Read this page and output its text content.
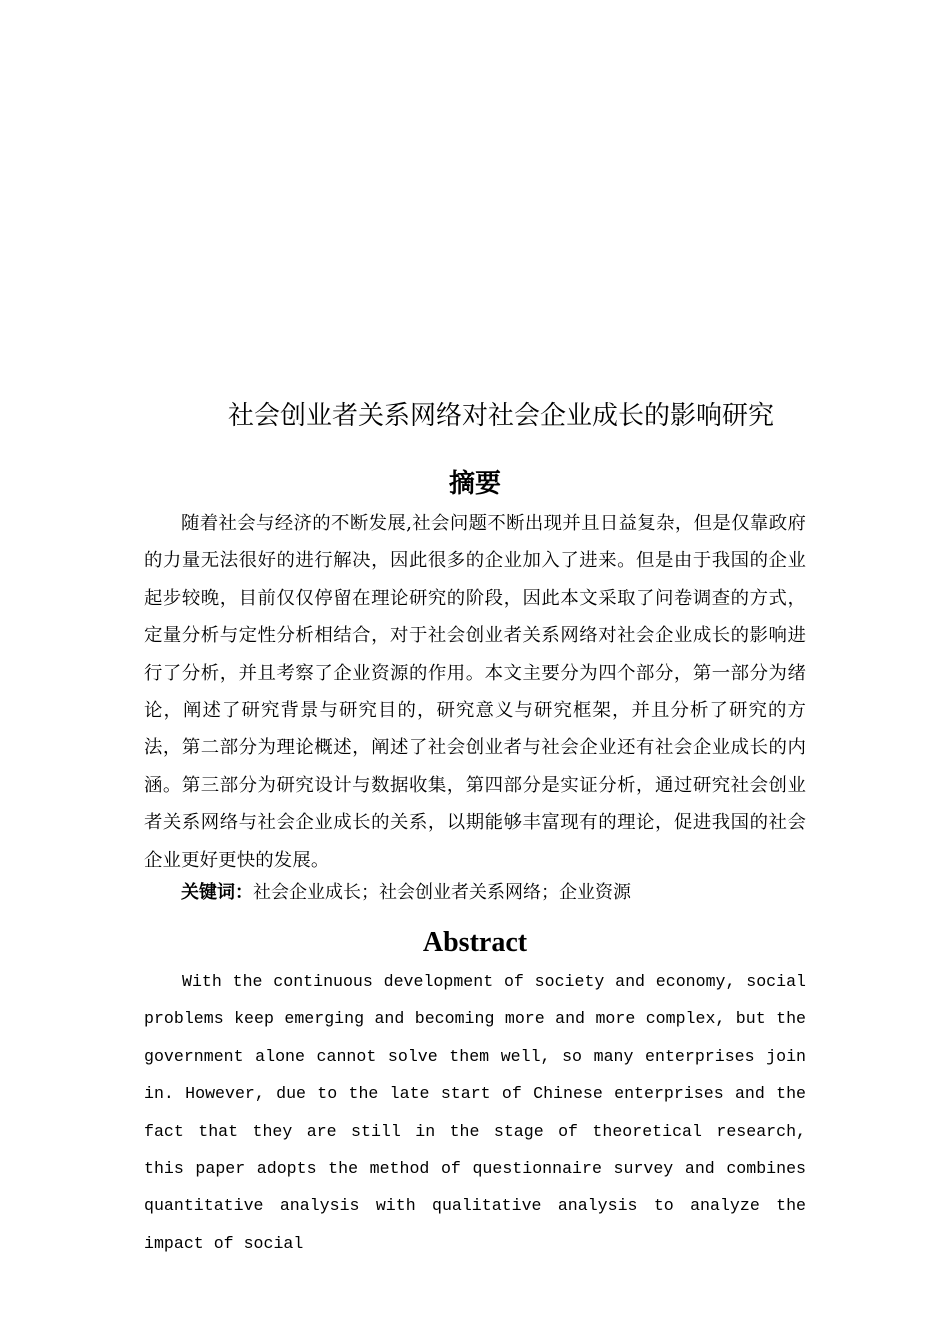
社会创业者关系网络对社会企业成长的影响研究
摘要

随着社会与经济的不断发展,社会问题不断出现并且日益复杂，但是仅靠政府的力量无法很好的进行解决，因此很多的企业加入了进来。但是由于我国的企业起步较晚，目前仅仅停留在理论研究的阶段，因此本文采取了问卷调查的方式，定量分析与定性分析相结合，对于社会创业者关系网络对社会企业成长的影响进行了分析，并且考察了企业资源的作用。本文主要分为四个部分，第一部分为绪论，阐述了研究背景与研究目的，研究意义与研究框架，并且分析了研究的方法，第二部分为理论概述，阐述了社会创业者与社会企业还有社会企业成长的内涵。第三部分为研究设计与数据收集，第四部分是实证分析，通过研究社会创业者关系网络与社会企业成长的关系，以期能够丰富现有的理论，促进我国的社会企业更好更快的发展。

关键词：社会企业成长；社会创业者关系网络；企业资源

Abstract

With the continuous development of society and economy, social problems keep emerging and becoming more and more complex, but the government alone cannot solve them well, so many enterprises join in. However, due to the late start of Chinese enterprises and the fact that they are still in the stage of theoretical research, this paper adopts the method of questionnaire survey and combines quantitative analysis with qualitative analysis to analyze the impact of social
